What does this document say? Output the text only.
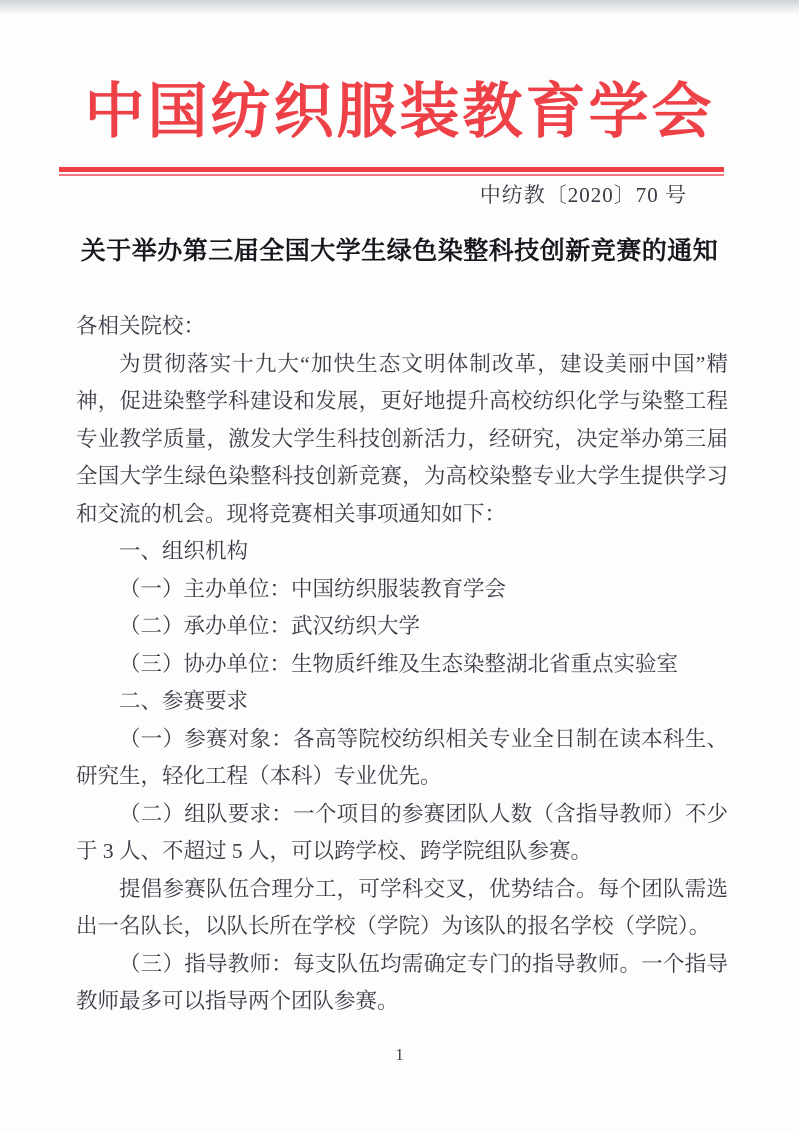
中国纺织服装教育学会
中纺教〔2020〕70 号
关于举办第三届全国大学生绿色染整科技创新竞赛的通知

各相关院校：

为贯彻落实十九大“加快生态文明体制改革，建设美丽中国”精神，促进染整学科建设和发展，更好地提升高校纺织化学与染整工程专业教学质量，激发大学生科技创新活力，经研究，决定举办第三届全国大学生绿色染整科技创新竞赛，为高校染整专业大学生提供学习和交流的机会。现将竞赛相关事项通知如下：

一、组织机构

（一）主办单位：中国纺织服装教育学会

（二）承办单位：武汉纺织大学

（三）协办单位：生物质纤维及生态染整湖北省重点实验室

二、参赛要求

（一）参赛对象：各高等院校纺织相关专业全日制在读本科生、研究生，轻化工程（本科）专业优先。

（二）组队要求：一个项目的参赛团队人数（含指导教师）不少于 3 人、不超过 5 人，可以跨学校、跨学院组队参赛。

提倡参赛队伍合理分工，可学科交叉，优势结合。每个团队需选出一名队长，以队长所在学校（学院）为该队的报名学校（学院）。

（三）指导教师：每支队伍均需确定专门的指导教师。一个指导教师最多可以指导两个团队参赛。

1
